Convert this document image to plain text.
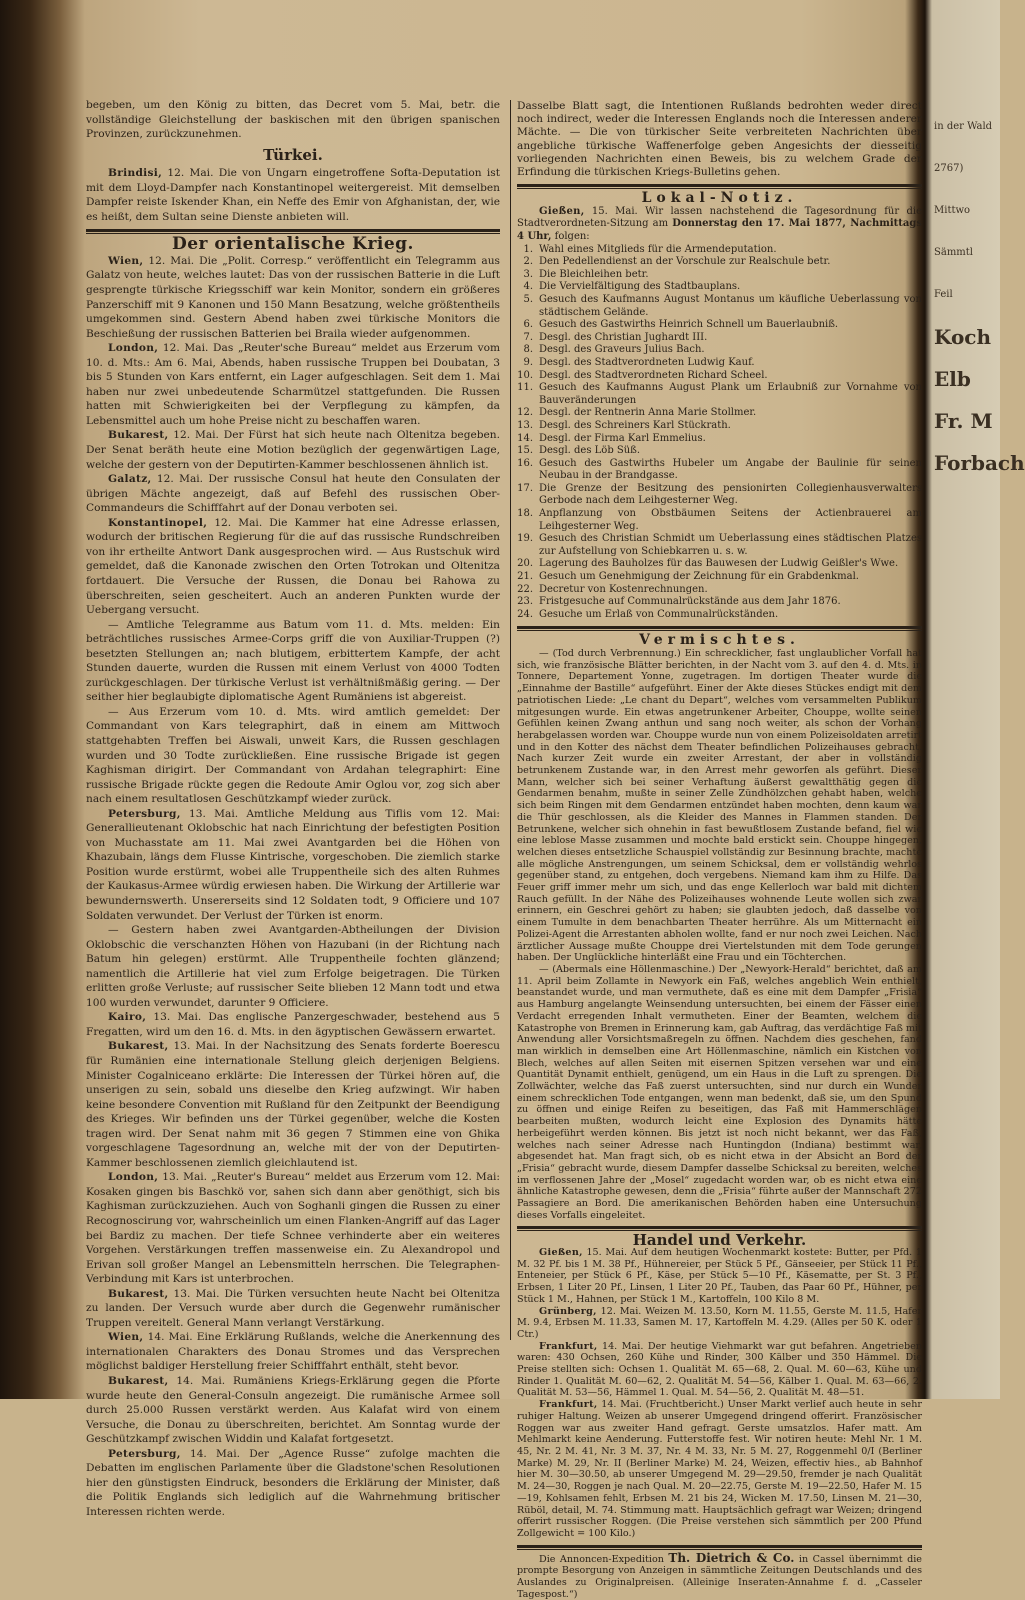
begeben, um den König zu bitten, das Decret vom 5. Mai, betr. die vollständige Gleichstellung der baskischen mit den übrigen spanischen Provinzen, zurückzunehmen.

Türkei.

Brindisi, 12. Mai. Die von Ungarn eingetroffene Softa-Deputation ist mit dem Lloyd-Dampfer nach Konstantinopel weitergereist. Mit demselben Dampfer reiste Iskender Khan, ein Neffe des Emir von Afghanistan, der, wie es heißt, dem Sultan seine Dienste anbieten will.

Der orientalische Krieg.

Wien, 12. Mai. Die „Polit. Corresp.“ veröffentlicht ein Telegramm aus Galatz von heute, welches lautet: Das von der russischen Batterie in die Luft gesprengte türkische Kriegsschiff war kein Monitor, sondern ein größeres Panzerschiff mit 9 Kanonen und 150 Mann Besatzung, welche größtentheils umgekommen sind. Gestern Abend haben zwei türkische Monitors die Beschießung der russischen Batterien bei Braila wieder aufgenommen.

London, 12. Mai. Das „Reuter'sche Bureau“ meldet aus Erzerum vom 10. d. Mts.: Am 6. Mai, Abends, haben russische Truppen bei Doubatan, 3 bis 5 Stunden von Kars entfernt, ein Lager aufgeschlagen. Seit dem 1. Mai haben nur zwei unbedeutende Scharmützel stattgefunden. Die Russen hatten mit Schwierigkeiten bei der Verpflegung zu kämpfen, da Lebensmittel auch um hohe Preise nicht zu beschaffen waren.

Bukarest, 12. Mai. Der Fürst hat sich heute nach Oltenitza begeben. Der Senat beräth heute eine Motion bezüglich der gegenwärtigen Lage, welche der gestern von der Deputirten-Kammer beschlossenen ähnlich ist.

Galatz, 12. Mai. Der russische Consul hat heute den Consulaten der übrigen Mächte angezeigt, daß auf Befehl des russischen Ober-Commandeurs die Schifffahrt auf der Donau verboten sei.

Konstantinopel, 12. Mai. Die Kammer hat eine Adresse erlassen, wodurch der britischen Regierung für die auf das russische Rundschreiben von ihr ertheilte Antwort Dank ausgesprochen wird. — Aus Rustschuk wird gemeldet, daß die Kanonade zwischen den Orten Totrokan und Oltenitza fortdauert. Die Versuche der Russen, die Donau bei Rahowa zu überschreiten, seien gescheitert. Auch an anderen Punkten wurde der Uebergang versucht.

— Amtliche Telegramme aus Batum vom 11. d. Mts. melden: Ein beträchtliches russisches Armee-Corps griff die von Auxiliar-Truppen (?) besetzten Stellungen an; nach blutigem, erbittertem Kampfe, der acht Stunden dauerte, wurden die Russen mit einem Verlust von 4000 Todten zurückgeschlagen. Der türkische Verlust ist verhältnißmäßig gering. — Der seither hier beglaubigte diplomatische Agent Rumäniens ist abgereist.

— Aus Erzerum vom 10. d. Mts. wird amtlich gemeldet: Der Commandant von Kars telegraphirt, daß in einem am Mittwoch stattgehabten Treffen bei Aiswali, unweit Kars, die Russen geschlagen wurden und 30 Todte zurückließen. Eine russische Brigade ist gegen Kaghisman dirigirt. Der Commandant von Ardahan telegraphirt: Eine russische Brigade rückte gegen die Redoute Amir Oglou vor, zog sich aber nach einem resultatlosen Geschützkampf wieder zurück.

Petersburg, 13. Mai. Amtliche Meldung aus Tiflis vom 12. Mai: Generallieutenant Oklobschic hat nach Einrichtung der befestigten Position von Muchasstate am 11. Mai zwei Avantgarden bei die Höhen von Khazubain, längs dem Flusse Kintrische, vorgeschoben. Die ziemlich starke Position wurde erstürmt, wobei alle Truppentheile sich des alten Ruhmes der Kaukasus-Armee würdig erwiesen haben. Die Wirkung der Artillerie war bewundernswerth. Unsererseits sind 12 Soldaten todt, 9 Officiere und 107 Soldaten verwundet. Der Verlust der Türken ist enorm.

— Gestern haben zwei Avantgarden-Abtheilungen der Division Oklobschic die verschanzten Höhen von Hazubani (in der Richtung nach Batum hin gelegen) erstürmt. Alle Truppentheile fochten glänzend; namentlich die Artillerie hat viel zum Erfolge beigetragen. Die Türken erlitten große Verluste; auf russischer Seite blieben 12 Mann todt und etwa 100 wurden verwundet, darunter 9 Officiere.

Kairo, 13. Mai. Das englische Panzergeschwader, bestehend aus 5 Fregatten, wird um den 16. d. Mts. in den ägyptischen Gewässern erwartet.

Bukarest, 13. Mai. In der Nachsitzung des Senats forderte Boerescu für Rumänien eine internationale Stellung gleich derjenigen Belgiens. Minister Cogalniceano erklärte: Die Interessen der Türkei hören auf, die unserigen zu sein, sobald uns dieselbe den Krieg aufzwingt. Wir haben keine besondere Convention mit Rußland für den Zeitpunkt der Beendigung des Krieges. Wir befinden uns der Türkei gegenüber, welche die Kosten tragen wird. Der Senat nahm mit 36 gegen 7 Stimmen eine von Ghika vorgeschlagene Tagesordnung an, welche mit der von der Deputirten-Kammer beschlossenen ziemlich gleichlautend ist.

London, 13. Mai. „Reuter's Bureau“ meldet aus Erzerum vom 12. Mai: Kosaken gingen bis Baschkö vor, sahen sich dann aber genöthigt, sich bis Kaghisman zurückzuziehen. Auch von Soghanli gingen die Russen zu einer Recognoscirung vor, wahrscheinlich um einen Flanken-Angriff auf das Lager bei Bardiz zu machen. Der tiefe Schnee verhinderte aber ein weiteres Vorgehen. Verstärkungen treffen massenweise ein. Zu Alexandropol und Erivan soll großer Mangel an Lebensmitteln herrschen. Die Telegraphen-Verbindung mit Kars ist unterbrochen.

Bukarest, 13. Mai. Die Türken versuchten heute Nacht bei Oltenitza zu landen. Der Versuch wurde aber durch die Gegenwehr rumänischer Truppen vereitelt. General Mann verlangt Verstärkung.

Wien, 14. Mai. Eine Erklärung Rußlands, welche die Anerkennung des internationalen Charakters des Donau Stromes und das Versprechen möglichst baldiger Herstellung freier Schifffahrt enthält, steht bevor.

Bukarest, 14. Mai. Rumäniens Kriegs-Erklärung gegen die Pforte wurde heute den General-Consuln angezeigt. Die rumänische Armee soll durch 25.000 Russen verstärkt werden. Aus Kalafat wird von einem Versuche, die Donau zu überschreiten, berichtet. Am Sonntag wurde der Geschützkampf zwischen Widdin und Kalafat fortgesetzt.

Petersburg, 14. Mai. Der „Agence Russe“ zufolge machten die Debatten im englischen Parlamente über die Gladstone'schen Resolutionen hier den günstigsten Eindruck, besonders die Erklärung der Minister, daß die Politik Englands sich lediglich auf die Wahrnehmung britischer Interessen richten werde.

Dasselbe Blatt sagt, die Intentionen Rußlands bedrohten weder direct noch indirect, weder die Interessen Englands noch die Interessen anderer Mächte. — Die von türkischer Seite verbreiteten Nachrichten über angebliche türkische Waffenerfolge geben Angesichts der diesseitig vorliegenden Nachrichten einen Beweis, bis zu welchem Grade der Erfindung die türkischen Kriegs-Bulletins gehen.

Lokal-Notiz.

Gießen, 15. Mai. Wir lassen nachstehend die Tagesordnung für die Stadtverordneten-Sitzung am Donnerstag den 17. Mai 1877, Nachmittags 4 Uhr, folgen:

1. Wahl eines Mitglieds für die Armendeputation.
2. Den Pedellendienst an der Vorschule zur Realschule betr.
3. Die Bleichleihen betr.
4. Die Vervielfältigung des Stadtbauplans.
5. Gesuch des Kaufmanns August Montanus um käufliche Ueberlassung von städtischem Gelände.
6. Gesuch des Gastwirths Heinrich Schnell um Bauerlaubniß.
7. Desgl. des Christian Jughardt III.
8. Desgl. des Graveurs Julius Bach.
9. Desgl. des Stadtverordneten Ludwig Kauf.
10. Desgl. des Stadtverordneten Richard Scheel.
11. Gesuch des Kaufmanns August Plank um Erlaubniß zur Vornahme von Bauveränderungen
12. Desgl. der Rentnerin Anna Marie Stollmer.
13. Desgl. des Schreiners Karl Stückrath.
14. Desgl. der Firma Karl Emmelius.
15. Desgl. des Löb Süß.
16. Gesuch des Gastwirths Hubeler um Angabe der Baulinie für seinen Neubau in der Brandgasse.
17. Die Grenze der Besitzung des pensionirten Collegienhausverwalters Gerbode nach dem Leihgesterner Weg.
18. Anpflanzung von Obstbäumen Seitens der Actienbrauerei am Leihgesterner Weg.
19. Gesuch des Christian Schmidt um Ueberlassung eines städtischen Platzes zur Aufstellung von Schiebkarren u. s. w.
20. Lagerung des Bauholzes für das Bauwesen der Ludwig Geißler's Wwe.
21. Gesuch um Genehmigung der Zeichnung für ein Grabdenkmal.
22. Decretur von Kostenrechnungen.
23. Fristgesuche auf Communalrückstände aus dem Jahr 1876.
24. Gesuche um Erlaß von Communalrückständen.
Vermischtes.

— (Tod durch Verbrennung.) Ein schrecklicher, fast unglaublicher Vorfall hat sich, wie französische Blätter berichten, in der Nacht vom 3. auf den 4. d. Mts. in Tonnere, Departement Yonne, zugetragen. Im dortigen Theater wurde die „Einnahme der Bastille“ aufgeführt. Einer der Akte dieses Stückes endigt mit dem patriotischen Liede: „Le chant du Depart“, welches vom versammelten Publikum mitgesungen wurde. Ein etwas angetrunkener Arbeiter, Chouppe, wollte seinen Gefühlen keinen Zwang anthun und sang noch weiter, als schon der Vorhang herabgelassen worden war. Chouppe wurde nun von einem Polizeisoldaten arretirt und in den Kotter des nächst dem Theater befindlichen Polizeihauses gebracht. Nach kurzer Zeit wurde ein zweiter Arrestant, der aber in vollständig betrunkenem Zustande war, in den Arrest mehr geworfen als geführt. Dieser Mann, welcher sich bei seiner Verhaftung äußerst gewaltthätig gegen die Gendarmen benahm, mußte in seiner Zelle Zündhölzchen gehabt haben, welche sich beim Ringen mit dem Gendarmen entzündet haben mochten, denn kaum war die Thür geschlossen, als die Kleider des Mannes in Flammen standen. Der Betrunkene, welcher sich ohnehin in fast bewußtlosem Zustande befand, fiel wie eine leblose Masse zusammen und mochte bald erstickt sein. Chouppe hingegen, welchen dieses entsetzliche Schauspiel vollständig zur Besinnung brachte, machte alle mögliche Anstrengungen, um seinem Schicksal, dem er vollständig wehrlos gegenüber stand, zu entgehen, doch vergebens. Niemand kam ihm zu Hilfe. Das Feuer griff immer mehr um sich, und das enge Kellerloch war bald mit dichtem Rauch gefüllt. In der Nähe des Polizeihauses wohnende Leute wollen sich zwar erinnern, ein Geschrei gehört zu haben; sie glaubten jedoch, daß dasselbe von einem Tumulte in dem benachbarten Theater herrühre. Als um Mitternacht ein Polizei-Agent die Arrestanten abholen wollte, fand er nur noch zwei Leichen. Nach ärztlicher Aussage mußte Chouppe drei Viertelstunden mit dem Tode gerungen haben. Der Unglückliche hinterläßt eine Frau und ein Töchterchen.

— (Abermals eine Höllenmaschine.) Der „Newyork-Herald“ berichtet, daß am 11. April beim Zollamte in Newyork ein Faß, welches angeblich Wein enthielt, beanstandet wurde, und man vermuthete, daß es eine mit dem Dampfer „Frisia“ aus Hamburg angelangte Weinsendung untersuchten, bei einem der Fässer einen Verdacht erregenden Inhalt vermutheten. Einer der Beamten, welchem die Katastrophe von Bremen in Erinnerung kam, gab Auftrag, das verdächtige Faß mit Anwendung aller Vorsichtsmaßregeln zu öffnen. Nachdem dies geschehen, fand man wirklich in demselben eine Art Höllenmaschine, nämlich ein Kistchen von Blech, welches auf allen Seiten mit eisernen Spitzen versehen war und eine Quantität Dynamit enthielt, genügend, um ein Haus in die Luft zu sprengen. Die Zollwächter, welche das Faß zuerst untersuchten, sind nur durch ein Wunder einem schrecklichen Tode entgangen, wenn man bedenkt, daß sie, um den Spund zu öffnen und einige Reifen zu beseitigen, das Faß mit Hammerschlägen bearbeiten mußten, wodurch leicht eine Explosion des Dynamits hätte herbeigeführt werden können. Bis jetzt ist noch nicht bekannt, wer das Faß, welches nach seiner Adresse nach Huntingdon (Indiana) bestimmt war, abgesendet hat. Man fragt sich, ob es nicht etwa in der Absicht an Bord der „Frisia“ gebracht wurde, diesem Dampfer dasselbe Schicksal zu bereiten, welches im verflossenen Jahre der „Mosel“ zugedacht worden war, ob es nicht etwa eine ähnliche Katastrophe gewesen, denn die „Frisia“ führte außer der Mannschaft 272 Passagiere an Bord. Die amerikanischen Behörden haben eine Untersuchung dieses Vorfalls eingeleitet.

Handel und Verkehr.

Gießen, 15. Mai. Auf dem heutigen Wochenmarkt kostete: Butter, per Pfd. 1 M. 32 Pf. bis 1 M. 38 Pf., Hühnereier, per Stück 5 Pf., Gänseeier, per Stück 11 Pf., Enteneier, per Stück 6 Pf., Käse, per Stück 5—10 Pf., Käsematte, per St. 3 Pf., Erbsen, 1 Liter 20 Pf., Linsen, 1 Liter 20 Pf., Tauben, das Paar 60 Pf., Hühner, per Stück 1 M., Hahnen, per Stück 1 M., Kartoffeln, 100 Kilo 8 M.

Grünberg, 12. Mai. Weizen M. 13.50, Korn M. 11.55, Gerste M. 11.5, Hafer M. 9.4, Erbsen M. 11.33, Samen M. 17, Kartoffeln M. 4.29. (Alles per 50 K. oder 1 Ctr.)

Frankfurt, 14. Mai. Der heutige Viehmarkt war gut befahren. Angetrieben waren: 430 Ochsen, 260 Kühe und Rinder, 300 Kälber und 350 Hämmel. Die Preise stellten sich: Ochsen 1. Qualität M. 65—68, 2. Qual. M. 60—63, Kühe und Rinder 1. Qualität M. 60—62, 2. Qualität M. 54—56, Kälber 1. Qual. M. 63—66, 2. Qualität M. 53—56, Hämmel 1. Qual. M. 54—56, 2. Qualität M. 48—51.

Frankfurt, 14. Mai. (Fruchtbericht.) Unser Markt verlief auch heute in sehr ruhiger Haltung. Weizen ab unserer Umgegend dringend offerirt. Französischer Roggen war aus zweiter Hand gefragt. Gerste umsatzlos. Hafer matt. Am Mehlmarkt keine Aenderung. Futterstoffe fest. Wir notiren heute: Mehl Nr. 1 M. 45, Nr. 2 M. 41, Nr. 3 M. 37, Nr. 4 M. 33, Nr. 5 M. 27, Roggenmehl 0/I (Berliner Marke) M. 29, Nr. II (Berliner Marke) M. 24, Weizen, effectiv hies., ab Bahnhof hier M. 30—30.50, ab unserer Umgegend M. 29—29.50, fremder je nach Qualität M. 24—30, Roggen je nach Qual. M. 20—22.75, Gerste M. 19—22.50, Hafer M. 15—19, Kohlsamen fehlt, Erbsen M. 21 bis 24, Wicken M. 17.50, Linsen M. 21—30, Rüböl, detail, M. 74. Stimmung matt. Hauptsächlich gefragt war Weizen; dringend offerirt russischer Roggen. (Die Preise verstehen sich sämmtlich per 200 Pfund Zollgewicht = 100 Kilo.)

Die Annoncen-Expedition Th. Dietrich & Co. in Cassel übernimmt die prompte Besorgung von Anzeigen in sämmtliche Zeitungen Deutschlands und des Auslandes zu Originalpreisen. (Alleinige Inseraten-Annahme f. d. „Casseler Tagespost.“)

in der Wald
2767)
Mittwo
Sämmtl
Feil
Koch
Elb
Fr. M
Forbach
